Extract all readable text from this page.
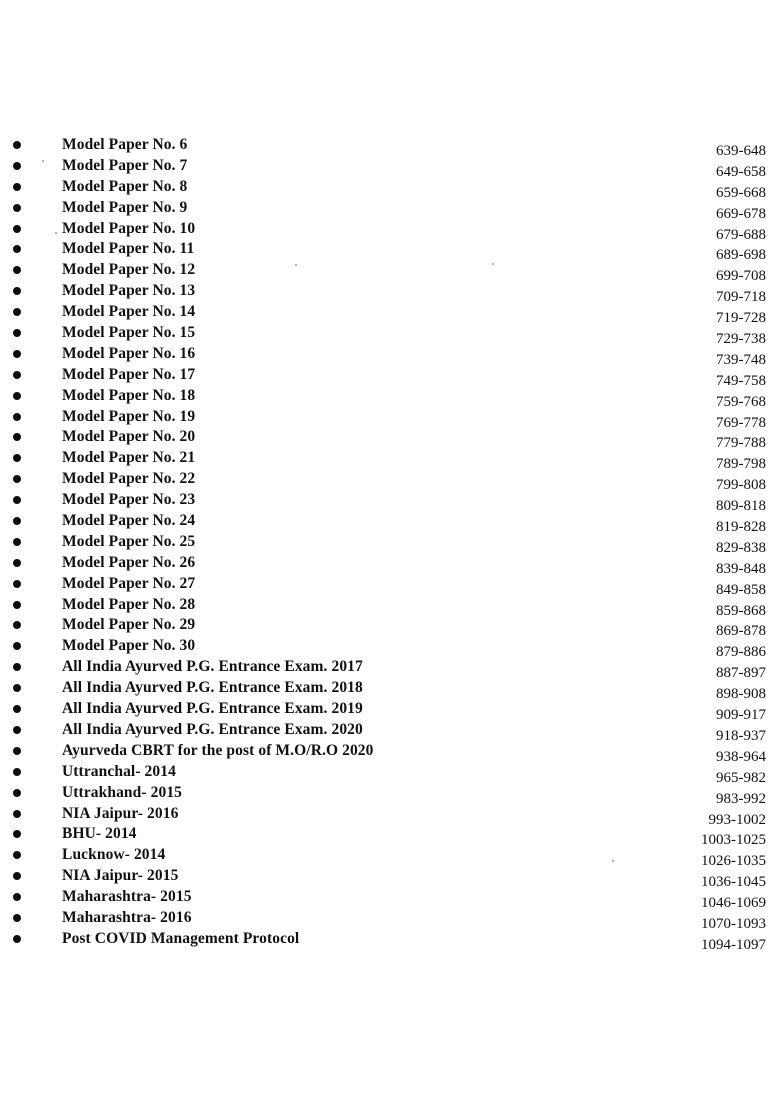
Model Paper No. 6	639-648
Model Paper No. 7	649-658
Model Paper No. 8	659-668
Model Paper No. 9	669-678
Model Paper No. 10	679-688
Model Paper No. 11	689-698
Model Paper No. 12	699-708
Model Paper No. 13	709-718
Model Paper No. 14	719-728
Model Paper No. 15	729-738
Model Paper No. 16	739-748
Model Paper No. 17	749-758
Model Paper No. 18	759-768
Model Paper No. 19	769-778
Model Paper No. 20	779-788
Model Paper No. 21	789-798
Model Paper No. 22	799-808
Model Paper No. 23	809-818
Model Paper No. 24	819-828
Model Paper No. 25	829-838
Model Paper No. 26	839-848
Model Paper No. 27	849-858
Model Paper No. 28	859-868
Model Paper No. 29	869-878
Model Paper No. 30	879-886
All India Ayurved P.G. Entrance Exam. 2017	887-897
All India Ayurved P.G. Entrance Exam. 2018	898-908
All India Ayurved P.G. Entrance Exam. 2019	909-917
All India Ayurved P.G. Entrance Exam. 2020	918-937
Ayurveda CBRT for the post of M.O/R.O 2020	938-964
Uttranchal- 2014	965-982
Uttrakhand- 2015	983-992
NIA Jaipur- 2016	993-1002
BHU- 2014	1003-1025
Lucknow- 2014	1026-1035
NIA Jaipur- 2015	1036-1045
Maharashtra- 2015	1046-1069
Maharashtra- 2016	1070-1093
Post COVID Management Protocol	1094-1097
